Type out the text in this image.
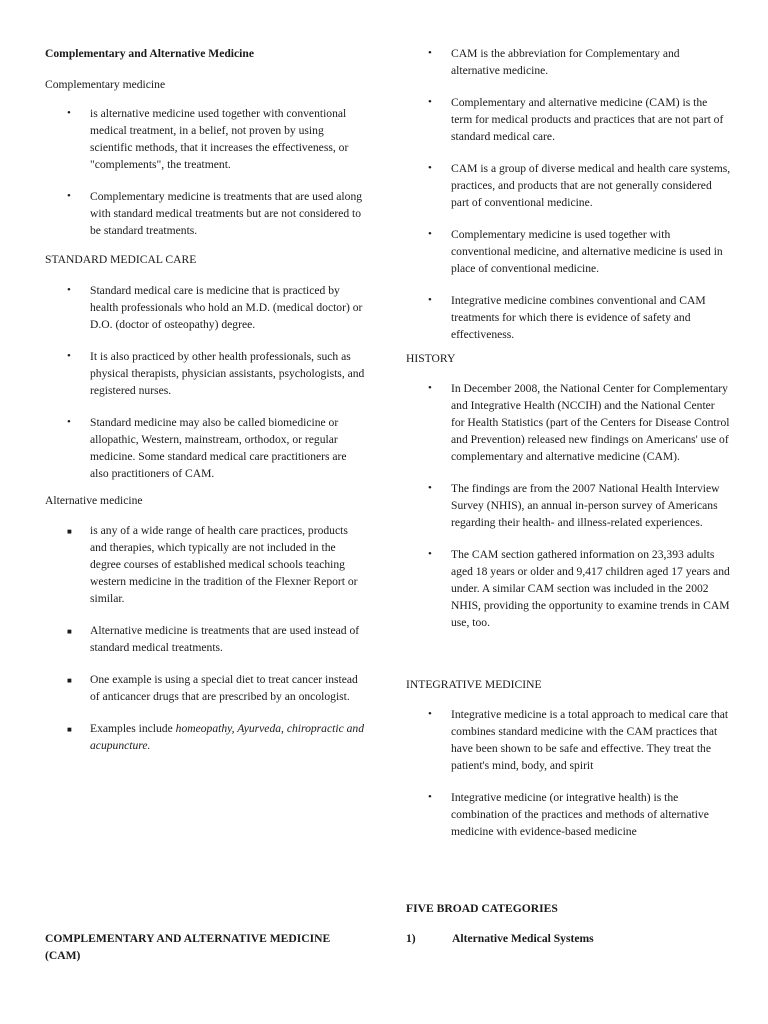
Complementary and Alternative Medicine

Complementary medicine

• is alternative medicine used together with conventional medical treatment, in a belief, not proven by using scientific methods, that it increases the effectiveness, or "complements", the treatment.
• Complementary medicine is treatments that are used along with standard medical treatments but are not considered to be standard treatments.

STANDARD MEDICAL CARE

• Standard medical care is medicine that is practiced by health professionals who hold an M.D. (medical doctor) or D.O. (doctor of osteopathy) degree.
• It is also practiced by other health professionals, such as physical therapists, physician assistants, psychologists, and registered nurses.
• Standard medicine may also be called biomedicine or allopathic, Western, mainstream, orthodox, or regular medicine. Some standard medical care practitioners are also practitioners of CAM.

Alternative medicine

■ is any of a wide range of health care practices, products and therapies, which typically are not included in the degree courses of established medical schools teaching western medicine in the tradition of the Flexner Report or similar.
■ Alternative medicine is treatments that are used instead of standard medical treatments.
■ One example is using a special diet to treat cancer instead of anticancer drugs that are prescribed by an oncologist.
■ Examples include homeopathy, Ayurveda, chiropractic and acupuncture.

COMPLEMENTARY AND ALTERNATIVE MEDICINE (CAM)

• CAM is the abbreviation for Complementary and alternative medicine.
• Complementary and alternative medicine (CAM) is the term for medical products and practices that are not part of standard medical care.
• CAM is a group of diverse medical and health care systems, practices, and products that are not generally considered part of conventional medicine.
• Complementary medicine is used together with conventional medicine, and alternative medicine is used in place of conventional medicine.
• Integrative medicine combines conventional and CAM treatments for which there is evidence of safety and effectiveness.

HISTORY

• In December 2008, the National Center for Complementary and Integrative Health (NCCIH) and the National Center for Health Statistics (part of the Centers for Disease Control and Prevention) released new findings on Americans' use of complementary and alternative medicine (CAM).
• The findings are from the 2007 National Health Interview Survey (NHIS), an annual in-person survey of Americans regarding their health- and illness-related experiences.
• The CAM section gathered information on 23,393 adults aged 18 years or older and 9,417 children aged 17 years and under. A similar CAM section was included in the 2002 NHIS, providing the opportunity to examine trends in CAM use, too.

INTEGRATIVE MEDICINE

• Integrative medicine is a total approach to medical care that combines standard medicine with the CAM practices that have been shown to be safe and effective. They treat the patient's mind, body, and spirit
• Integrative medicine (or integrative health) is the combination of the practices and methods of alternative medicine with evidence-based medicine

FIVE BROAD CATEGORIES

1)	Alternative Medical Systems
